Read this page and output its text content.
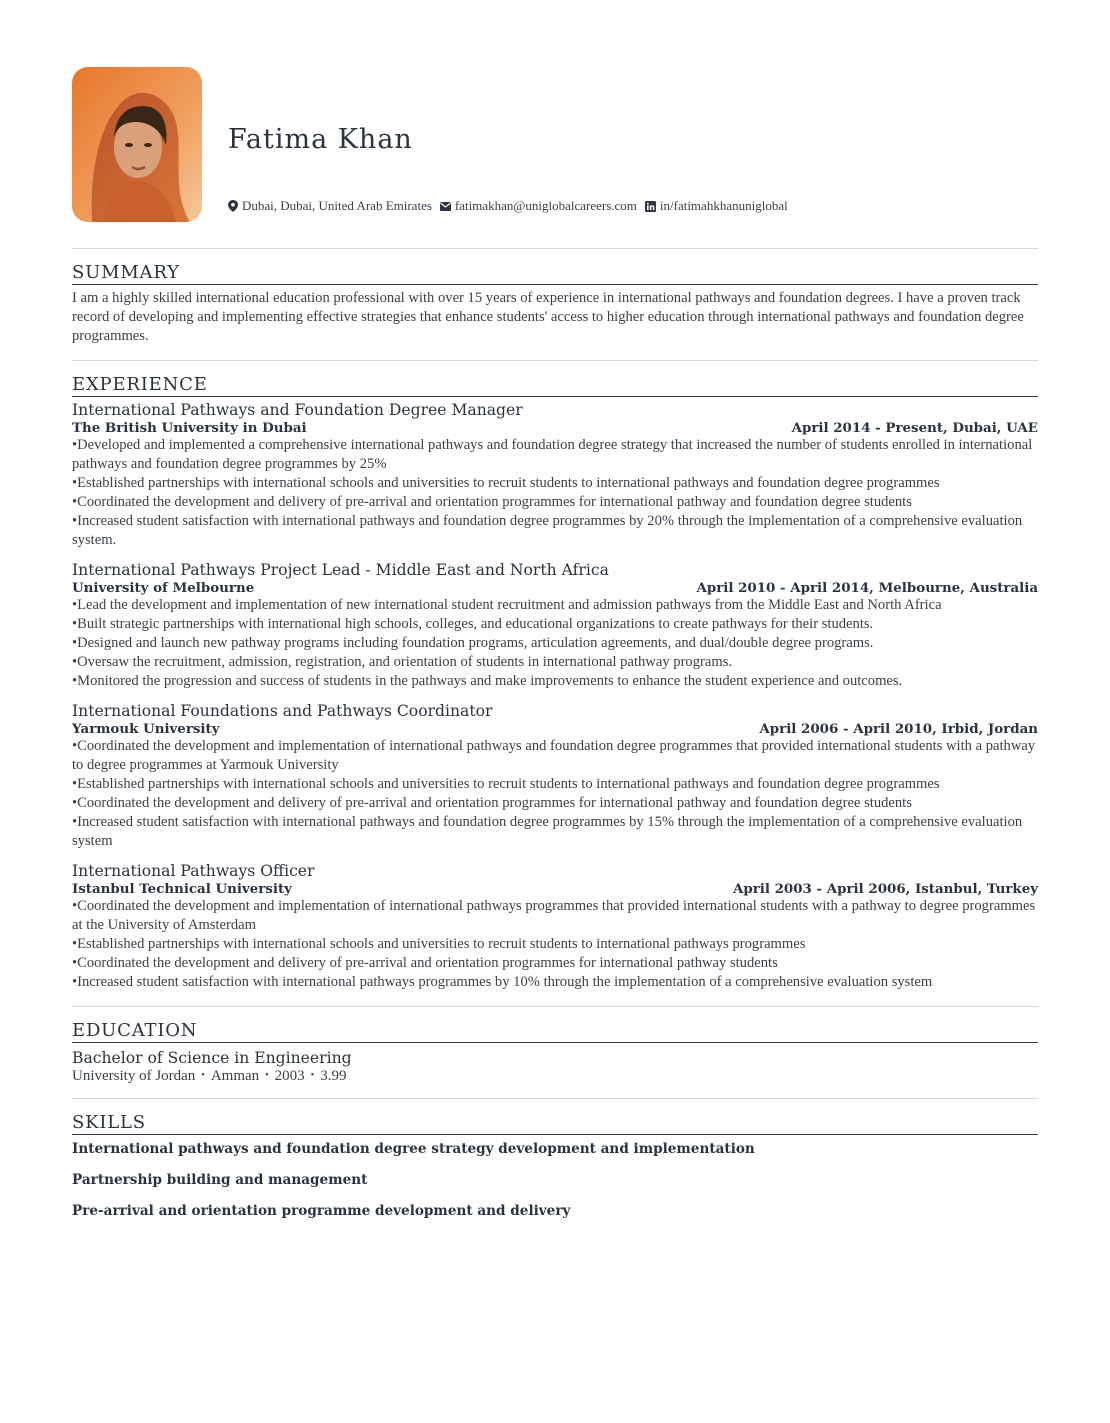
Fatima Khan
Dubai, Dubai, United Arab Emirates fatimakhan@uniglobalcareers.com in/fatimahkhanuniglobal
SUMMARY
I am a highly skilled international education professional with over 15 years of experience in international pathways and foundation degrees. I have a proven track record of developing and implementing effective strategies that enhance students' access to higher education through international pathways and foundation degree programmes.
EXPERIENCE
International Pathways and Foundation Degree Manager
The British University in Dubai	April 2014 - Present, Dubai, UAE
• Developed and implemented a comprehensive international pathways and foundation degree strategy that increased the number of students enrolled in international pathways and foundation degree programmes by 25%
• Established partnerships with international schools and universities to recruit students to international pathways and foundation degree programmes
• Coordinated the development and delivery of pre-arrival and orientation programmes for international pathway and foundation degree students
• Increased student satisfaction with international pathways and foundation degree programmes by 20% through the implementation of a comprehensive evaluation system.
International Pathways Project Lead - Middle East and North Africa
University of Melbourne	April 2010 - April 2014, Melbourne, Australia
• Lead the development and implementation of new international student recruitment and admission pathways from the Middle East and North Africa
• Built strategic partnerships with international high schools, colleges, and educational organizations to create pathways for their students.
• Designed and launch new pathway programs including foundation programs, articulation agreements, and dual/double degree programs.
• Oversaw the recruitment, admission, registration, and orientation of students in international pathway programs.
• Monitored the progression and success of students in the pathways and make improvements to enhance the student experience and outcomes.
International Foundations and Pathways Coordinator
Yarmouk University	April 2006 - April 2010, Irbid, Jordan
• Coordinated the development and implementation of international pathways and foundation degree programmes that provided international students with a pathway to degree programmes at Yarmouk University
• Established partnerships with international schools and universities to recruit students to international pathways and foundation degree programmes
• Coordinated the development and delivery of pre-arrival and orientation programmes for international pathway and foundation degree students
• Increased student satisfaction with international pathways and foundation degree programmes by 15% through the implementation of a comprehensive evaluation system
International Pathways Officer
Istanbul Technical University	April 2003 - April 2006, Istanbul, Turkey
• Coordinated the development and implementation of international pathways programmes that provided international students with a pathway to degree programmes at the University of Amsterdam
• Established partnerships with international schools and universities to recruit students to international pathways programmes
• Coordinated the development and delivery of pre-arrival and orientation programmes for international pathway students
• Increased student satisfaction with international pathways programmes by 10% through the implementation of a comprehensive evaluation system
EDUCATION
Bachelor of Science in Engineering
University of Jordan • Amman • 2003 • 3.99
SKILLS
International pathways and foundation degree strategy development and implementation
Partnership building and management
Pre-arrival and orientation programme development and delivery
